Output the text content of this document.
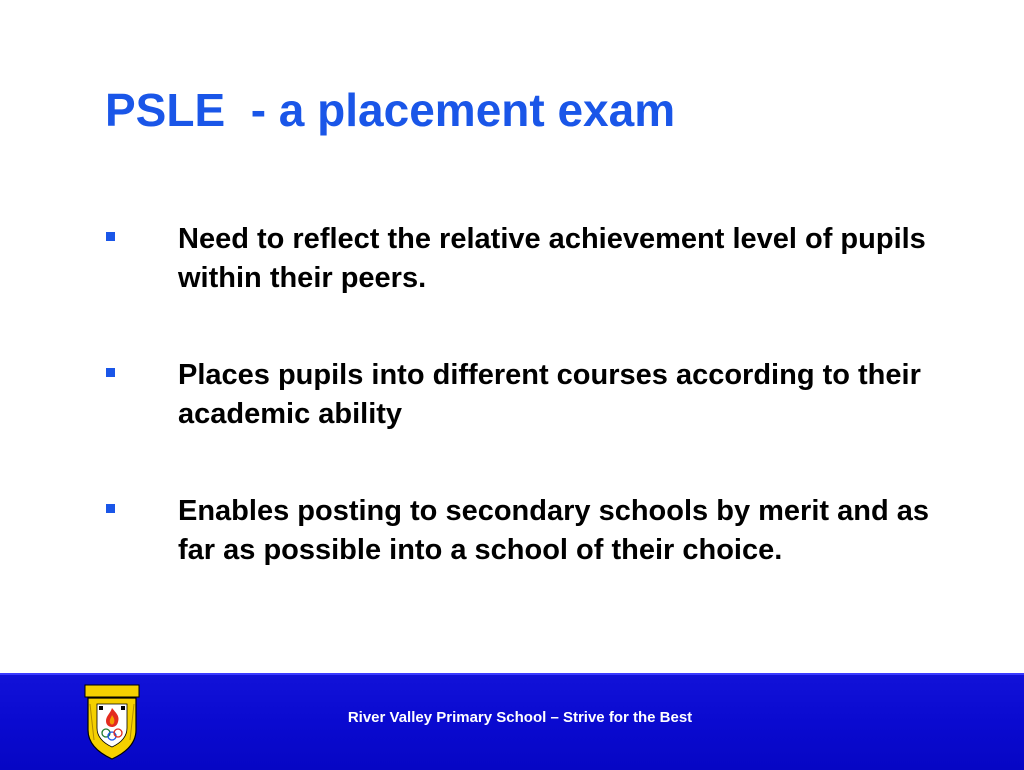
PSLE  - a placement exam
Need to reflect the relative achievement level of pupils within their peers.
Places pupils into different courses according to their academic ability
Enables posting to secondary schools by merit and as far as possible into a school of their choice.
River Valley Primary School – Strive for the Best
